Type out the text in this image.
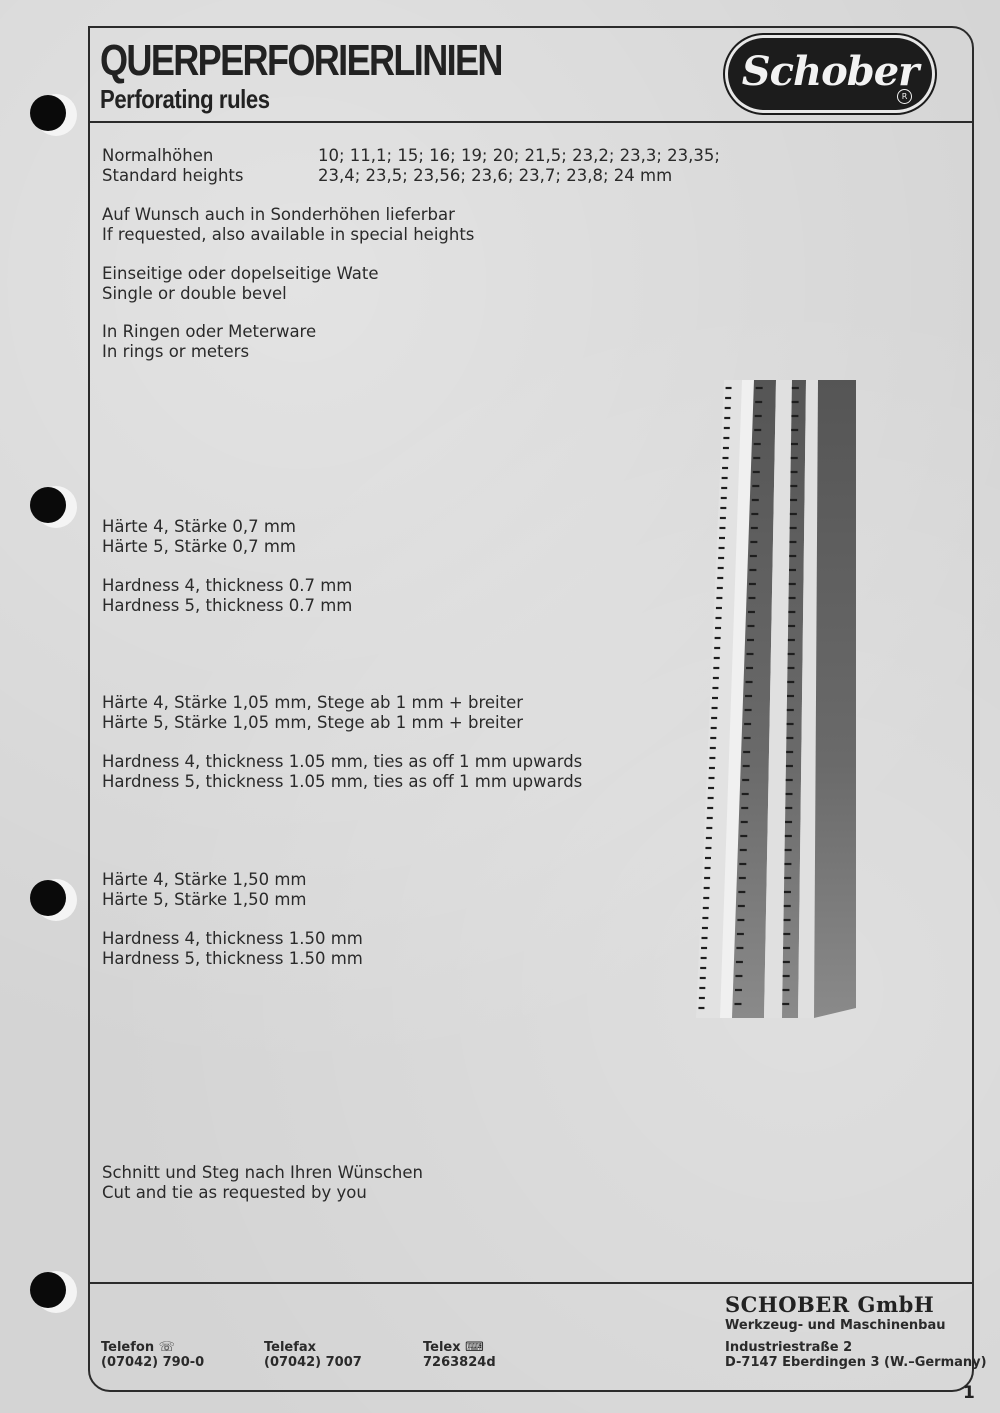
QUERPERFORIERLINIEN
Perforating rules
Schober
R
Normalhöhen
Standard heights
10; 11,1; 15; 16; 19; 20; 21,5; 23,2; 23,3; 23,35;
23,4; 23,5; 23,56; 23,6; 23,7; 23,8; 24 mm
Auf Wunsch auch in Sonderhöhen lieferbar
If requested, also available in special heights
Einseitige oder dopelseitige Wate
Single or double bevel
In Ringen oder Meterware
In rings or meters
Härte 4, Stärke 0,7 mm
Härte 5, Stärke 0,7 mm
Hardness 4, thickness 0.7 mm
Hardness 5, thickness 0.7 mm
Härte 4, Stärke 1,05 mm, Stege ab 1 mm + breiter
Härte 5, Stärke 1,05 mm, Stege ab 1 mm + breiter
Hardness 4, thickness 1.05 mm, ties as off 1 mm upwards
Hardness 5, thickness 1.05 mm, ties as off 1 mm upwards
Härte 4, Stärke 1,50 mm
Härte 5, Stärke 1,50 mm
Hardness 4, thickness 1.50 mm
Hardness 5, thickness 1.50 mm
Schnitt und Steg nach Ihren Wünschen
Cut and tie as requested by you
Telefon ☏
(07042) 790-0
Telefax
(07042) 7007
Telex ⌨
7263824d
SCHOBER GmbH
Werkzeug- und Maschinenbau
Industriestraße 2
D-7147 Eberdingen 3 (W.–Germany)
1
